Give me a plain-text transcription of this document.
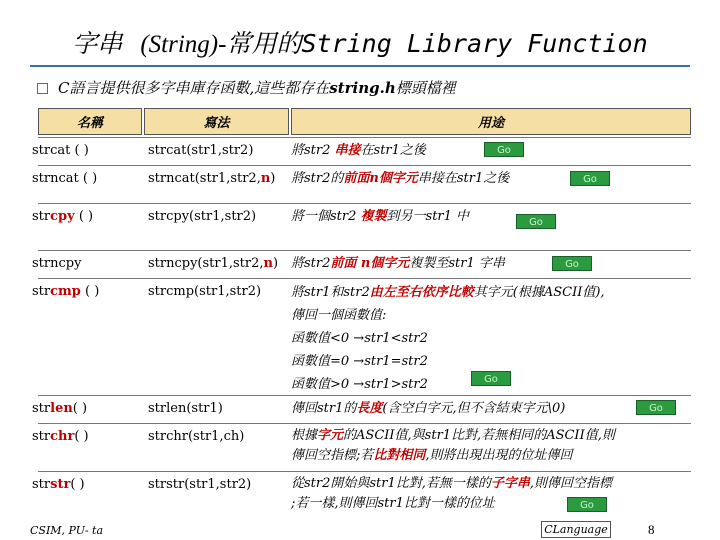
字串 (String)-常用的String Library Function
C語言提供很多字串庫存函數,這些都存在string.h標頭檔裡
名稱	寫法	用途
strcat ( )	strcat(str1,str2)	將str2 串接在str1之後	Go
strncat ( )	strncat(str1,str2,n) 將str2的前面n個字元串接在str1之後	Go
strcpy ( )	strcpy(str1,str2)	將一個str2 複製到另一str1 中	Go
strncpy	strncpy(str1,str2,n) 將str2前面 n個字元複製至str1 字串	Go
strcmp ( )	strcmp(str1,str2) 將str1和str2由左至右依序比較其字元(根據ASCII值),
傳回一個函數值:
函數值<0 →str1<str2
函數值=0 →str1=str2
函數值>0 →str1>str2	Go
strlen( )	strlen(str1)	傳回str1的長度(含空白字元,但不含結束字元\0)	Go
strchr( )	strchr(str1,ch)	根據字元的ASCII值,與str1比對,若無相同的ASCII值,則
傳回空指標;若比對相同,則將出現出現的位址傳回
strstr( )	strstr(str1,str2)	從str2開始與str1比對,若無一樣的子字串,則傳回空指標
;若一樣,則傳回str1比對一樣的位址	Go
CSIM, PU- ta	CLanguage	8
